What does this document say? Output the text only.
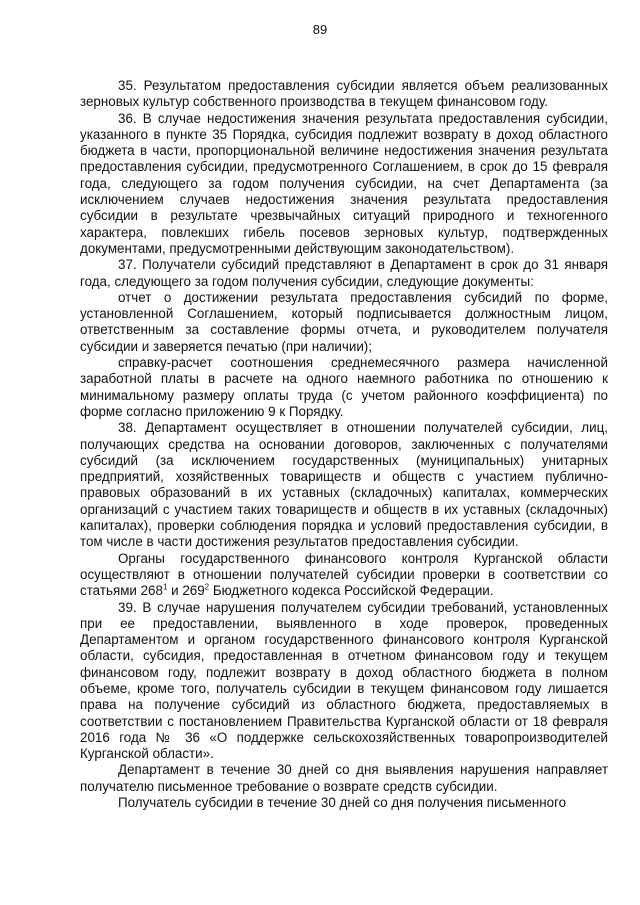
89

35. Результатом предоставления субсидии является объем реализованных зерновых культур собственного производства в текущем финансовом году.

36. В случае недостижения значения результата предоставления субсидии, указанного в пункте 35 Порядка, субсидия подлежит возврату в доход областного бюджета в части, пропорциональной величине недостижения значения результата предоставления субсидии, предусмотренного Соглашением, в срок до 15 февраля года, следующего за годом получения субсидии, на счет Департамента (за исключением случаев недостижения значения результата предоставления субсидии в результате чрезвычайных ситуаций природного и техногенного характера, повлекших гибель посевов зерновых культур, подтвержденных документами, предусмотренными действующим законодательством).

37. Получатели субсидий представляют в Департамент в срок до 31 января года, следующего за годом получения субсидии, следующие документы:

отчет о достижении результата предоставления субсидий по форме, установленной Соглашением, который подписывается должностным лицом, ответственным за составление формы отчета, и руководителем получателя субсидии и заверяется печатью (при наличии);

справку-расчет соотношения среднемесячного размера начисленной заработной платы в расчете на одного наемного работника по отношению к минимальному размеру оплаты труда (с учетом районного коэффициента) по форме согласно приложению 9 к Порядку.

38. Департамент осуществляет в отношении получателей субсидии, лиц, получающих средства на основании договоров, заключенных с получателями субсидий (за исключением государственных (муниципальных) унитарных предприятий, хозяйственных товариществ и обществ с участием публично-правовых образований в их уставных (складочных) капиталах, коммерческих организаций с участием таких товариществ и обществ в их уставных (складочных) капиталах), проверки соблюдения порядка и условий предоставления субсидии, в том числе в части достижения результатов предоставления субсидии.

Органы государственного финансового контроля Курганской области осуществляют в отношении получателей субсидии проверки в соответствии со статьями $268^1$ и $269^2$ Бюджетного кодекса Российской Федерации.

39. В случае нарушения получателем субсидии требований, установленных при ее предоставлении, выявленного в ходе проверок, проведенных Департаментом и органом государственного финансового контроля Курганской области, субсидия, предоставленная в отчетном финансовом году и текущем финансовом году, подлежит возврату в доход областного бюджета в полном объеме, кроме того, получатель субсидии в текущем финансовом году лишается права на получение субсидий из областного бюджета, предоставляемых в соответствии с постановлением Правительства Курганской области от 18 февраля 2016 года № 36 «О поддержке сельскохозяйственных товаропроизводителей Курганской области».

Департамент в течение 30 дней со дня выявления нарушения направляет получателю письменное требование о возврате средств субсидии.

Получатель субсидии в течение 30 дней со дня получения письменного
